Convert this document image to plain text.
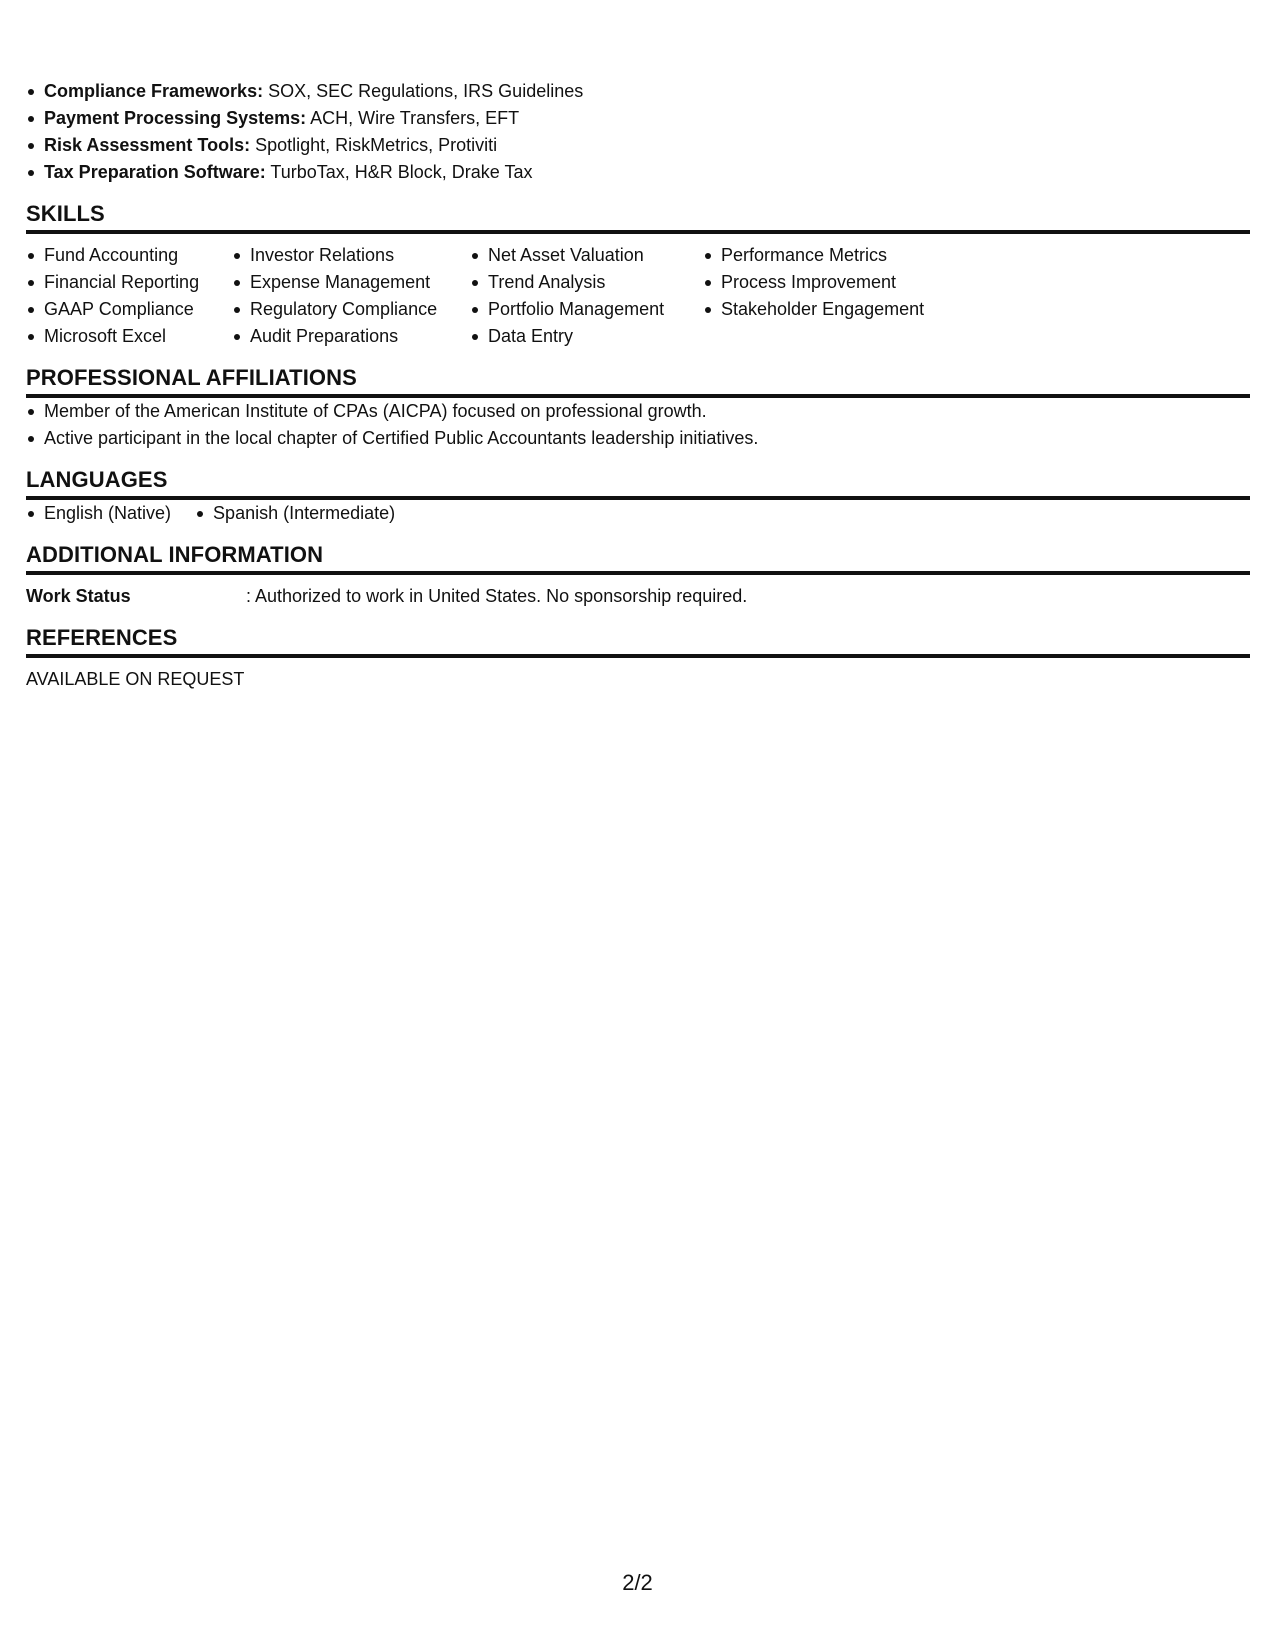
Compliance Frameworks: SOX, SEC Regulations, IRS Guidelines
Payment Processing Systems: ACH, Wire Transfers, EFT
Risk Assessment Tools: Spotlight, RiskMetrics, Protiviti
Tax Preparation Software: TurboTax, H&R Block, Drake Tax
SKILLS
Fund Accounting
Financial Reporting
GAAP Compliance
Microsoft Excel
Investor Relations
Expense Management
Regulatory Compliance
Audit Preparations
Net Asset Valuation
Trend Analysis
Portfolio Management
Data Entry
Performance Metrics
Process Improvement
Stakeholder Engagement
PROFESSIONAL AFFILIATIONS
Member of the American Institute of CPAs (AICPA) focused on professional growth.
Active participant in the local chapter of Certified Public Accountants leadership initiatives.
LANGUAGES
English (Native)	Spanish (Intermediate)
ADDITIONAL INFORMATION
Work Status	: Authorized to work in United States. No sponsorship required.
REFERENCES
AVAILABLE ON REQUEST
2/2
